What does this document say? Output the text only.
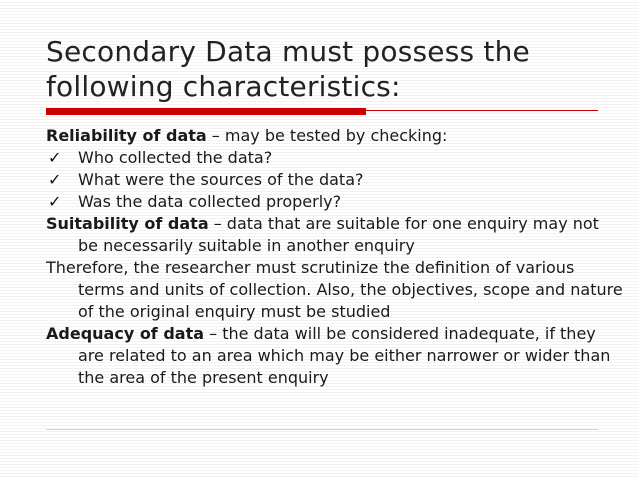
Secondary Data must possess the following characteristics:
Reliability of data – may be tested by checking:
✓ Who collected the data?
✓ What were the sources of the data?
✓ Was the data collected properly?
Suitability of data – data that are suitable for one enquiry may not be necessarily suitable in another enquiry
Therefore, the researcher must scrutinize the definition of various terms and units of collection. Also, the objectives, scope and nature of the original enquiry must be studied
Adequacy of data – the data will be considered inadequate, if they are related to an area which may be either narrower or wider than the area of the present enquiry
